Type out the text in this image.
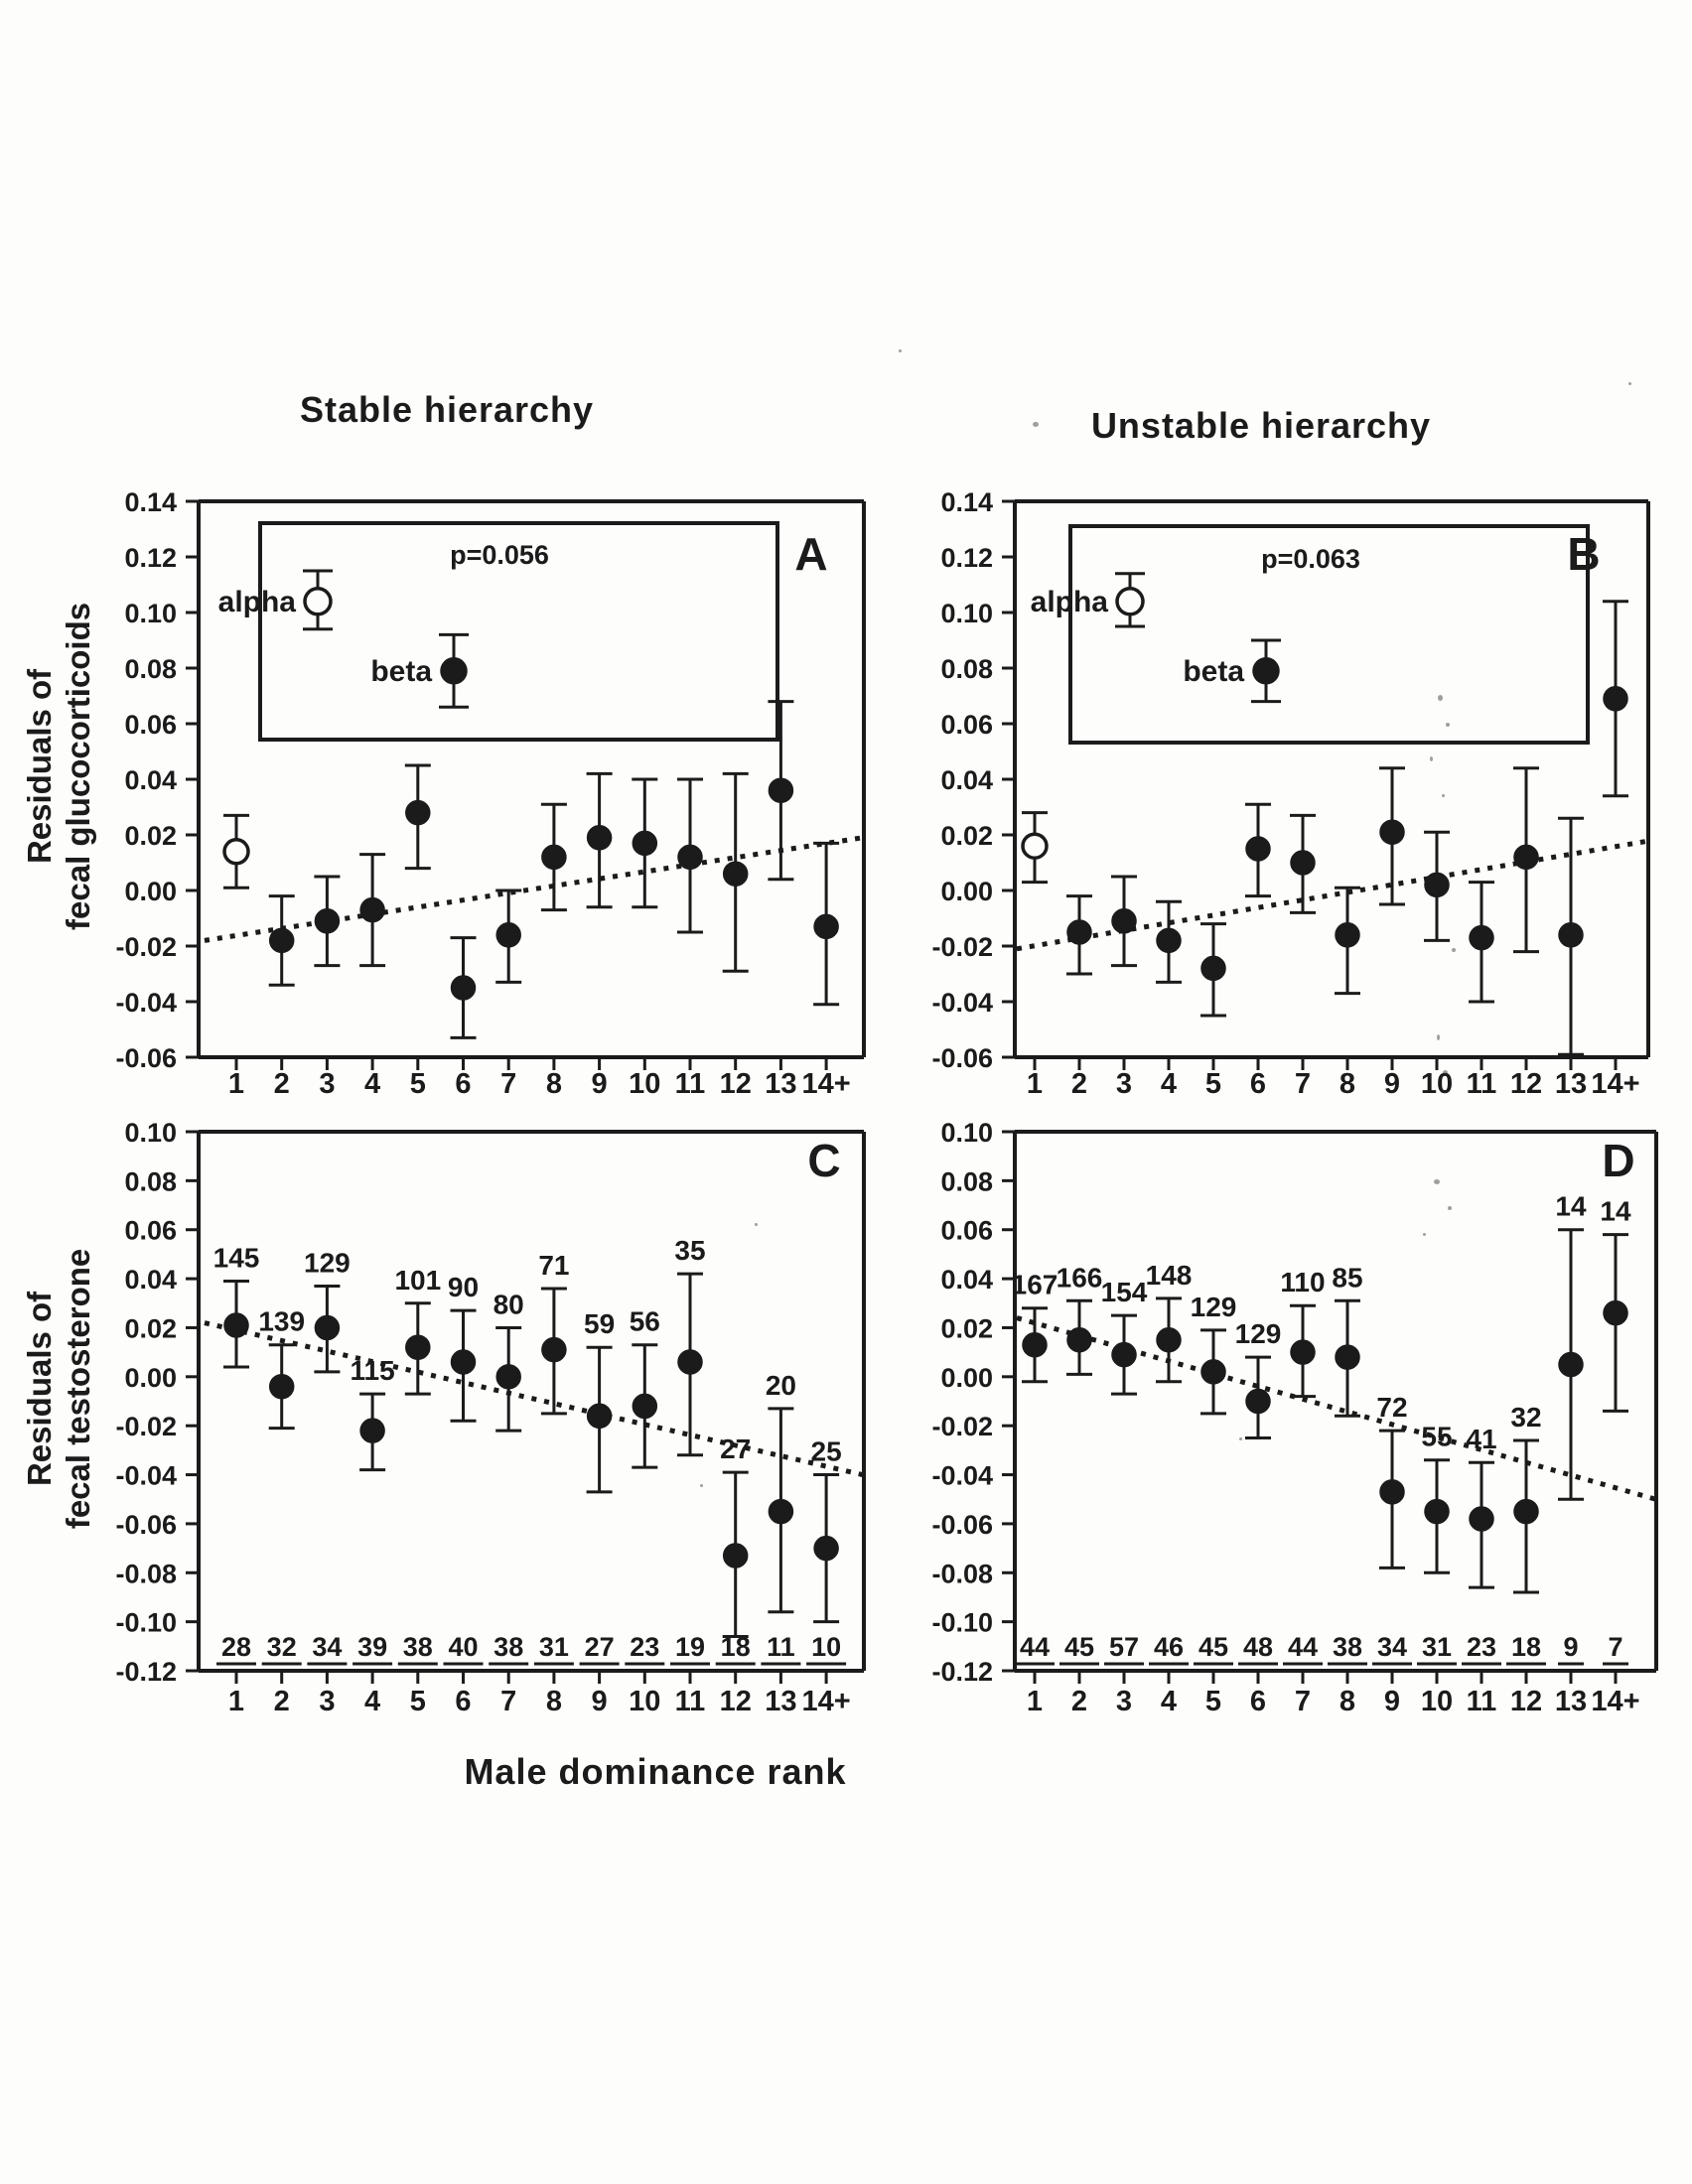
Stable hierarchy	Unstable hierarchy
Residuals of
fecal glucocorticoids
Residuals of
fecal testosterone
Male dominance rank
0.14
0.12
0.10
0.08
0.06
0.04
0.02
0.00
-0.02
-0.04
-0.06
1 2 3 4 5 6 7 8 9 10 11 12 13 14+
A
p=0.056
alpha
beta
0.14
0.12
0.10
0.08
0.06
0.04
0.02
0.00
-0.02
-0.04
-0.06
1 2 3 4 5 6 7 8 9 10 11 12 13 14+
B
p=0.063
alpha
beta
0.10
0.08
0.06
0.04
0.02
0.00
-0.02
-0.04
-0.06
-0.08
-0.10
-0.12
1 2 3 4 5 6 7 8 9 10 11 12 13 14+
145
139
129
115
101 90
80
71
59 56
35
27
20
25
28 32 34 39 38 40 38 31 27 23 19 18 11 10
C
0.10
0.08
0.06
0.04
0.02
0.00
-0.02
-0.04
-0.06
-0.08
-0.10
-0.12
1 2 3 4 5 6 7 8 9 10 11 12 13 14+
167
166
154
148
129
129
110 85
72
55 41
32
14 14
44 45 57 46 45 48 44 38 34 31 23 18 9 7
D
